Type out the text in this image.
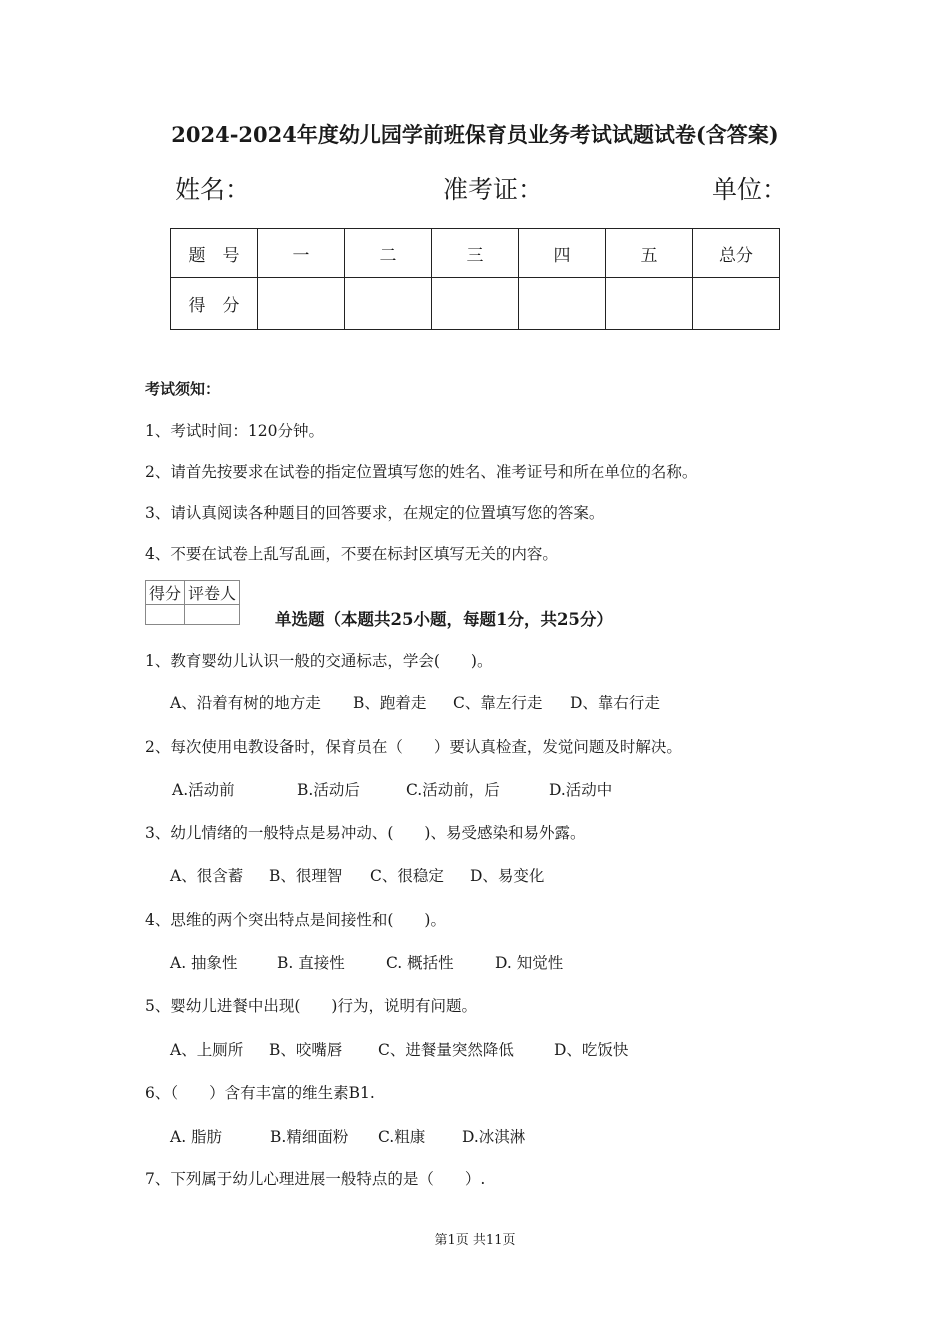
2024-2024年度幼儿园学前班保育员业务考试试题试卷(含答案)
姓名：	准考证：	单位：
题　号	一	二	三	四	五	总分
得　分						
考试须知：
1、考试时间：120分钟。
2、请首先按要求在试卷的指定位置填写您的姓名、准考证号和所在单位的名称。
3、请认真阅读各种题目的回答要求，在规定的位置填写您的答案。
4、不要在试卷上乱写乱画，不要在标封区填写无关的内容。
得分	评卷人

单选题（本题共25小题，每题1分，共25分）
1、教育婴幼儿认识一般的交通标志，学会(　　)。
A、沿着有树的地方走 B、跑着走 C、靠左行走 D、靠右行走
2、每次使用电教设备时，保育员在（　　）要认真检查，发觉问题及时解决。
A.活动前	B.活动后	C.活动前，后	D.活动中
3、幼儿情绪的一般特点是易冲动、(　　)、易受感染和易外露。
A、很含蓄 B、很理智 C、很稳定 D、易变化
4、思维的两个突出特点是间接性和(　　)。
A. 抽象性	B. 直接性	C. 概括性	D. 知觉性
5、婴幼儿进餐中出现(　　)行为，说明有问题。
A、上厕所 B、咬嘴唇 C、进餐量突然降低	D、吃饭快
6、（　　）含有丰富的维生素B1.
A. 脂肪	B.精细面粉 C.粗康 D.冰淇淋
7、下列属于幼儿心理进展一般特点的是（　　）.
第1页 共11页
